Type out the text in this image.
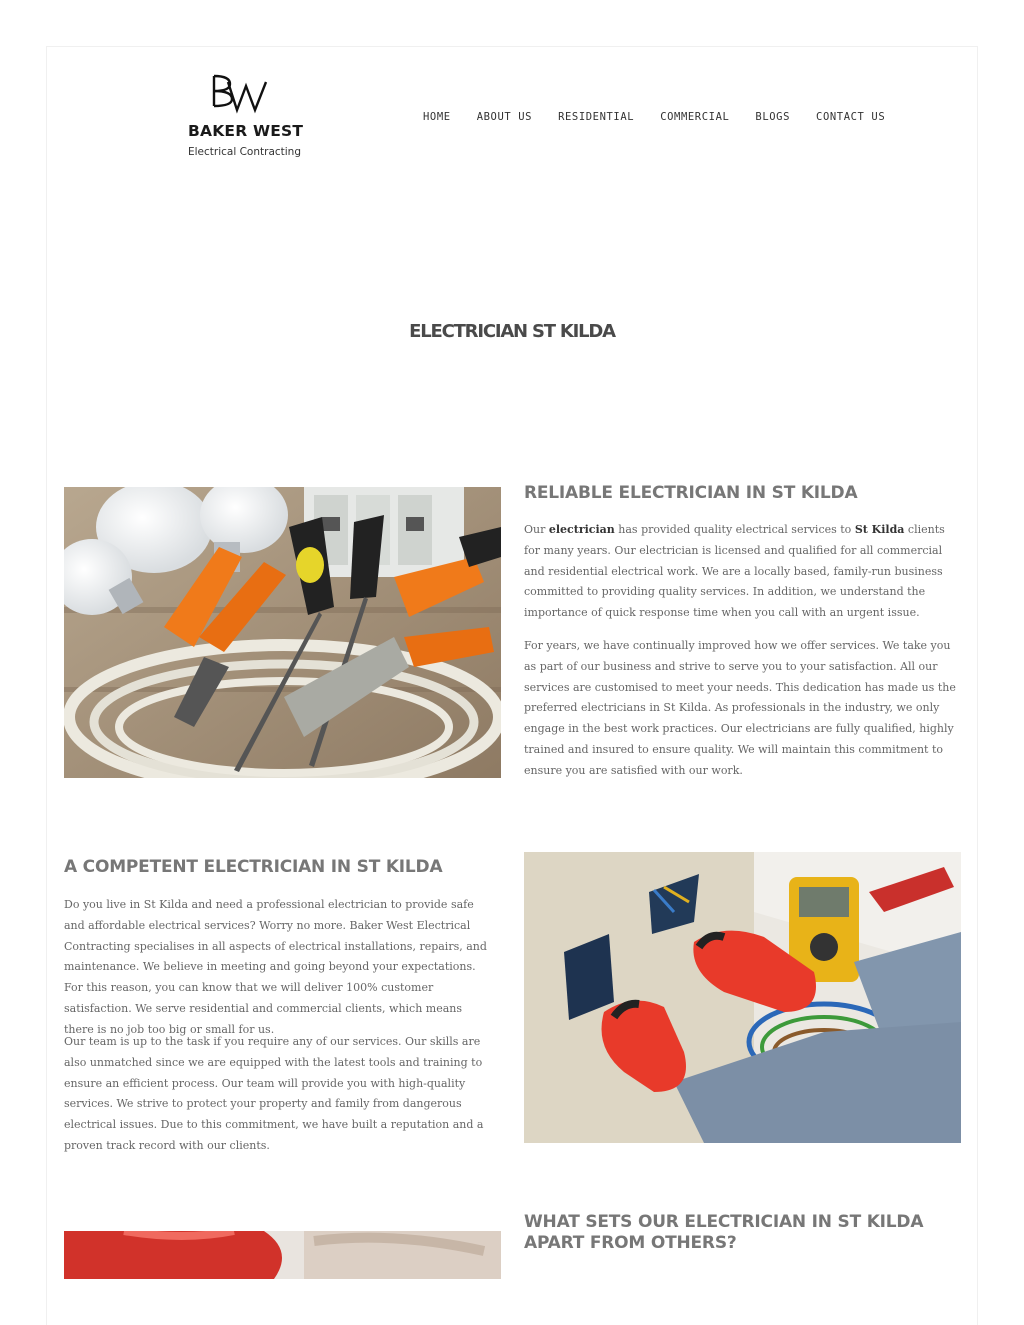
BAKER WEST
Electrical Contracting
HOME ABOUT US RESIDENTIAL COMMERCIAL BLOGS CONTACT US
ELECTRICIAN ST KILDA
RELIABLE ELECTRICIAN IN ST KILDA

Our electrician has provided quality electrical services to St Kilda clients for many years. Our electrician is licensed and qualified for all commercial and residential electrical work. We are a locally based, family-run business committed to providing quality services. In addition, we understand the importance of quick response time when you call with an urgent issue.

For years, we have continually improved how we offer services. We take you as part of our business and strive to serve you to your satisfaction. All our services are customised to meet your needs. This dedication has made us the preferred electricians in St Kilda. As professionals in the industry, we only engage in the best work practices. Our electricians are fully qualified, highly trained and insured to ensure quality. We will maintain this commitment to ensure you are satisfied with our work.

A COMPETENT ELECTRICIAN IN ST KILDA

Do you live in St Kilda and need a professional electrician to provide safe and affordable electrical services? Worry no more. Baker West Electrical Contracting specialises in all aspects of electrical installations, repairs, and maintenance. We believe in meeting and going beyond your expectations. For this reason, you can know that we will deliver 100% customer satisfaction. We serve residential and commercial clients, which means there is no job too big or small for us.

Our team is up to the task if you require any of our services. Our skills are also unmatched since we are equipped with the latest tools and training to ensure an efficient process. Our team will provide you with high-quality services. We strive to protect your property and family from dangerous electrical issues. Due to this commitment, we have built a reputation and a proven track record with our clients.

WHAT SETS OUR ELECTRICIAN IN ST KILDA APART FROM OTHERS?
